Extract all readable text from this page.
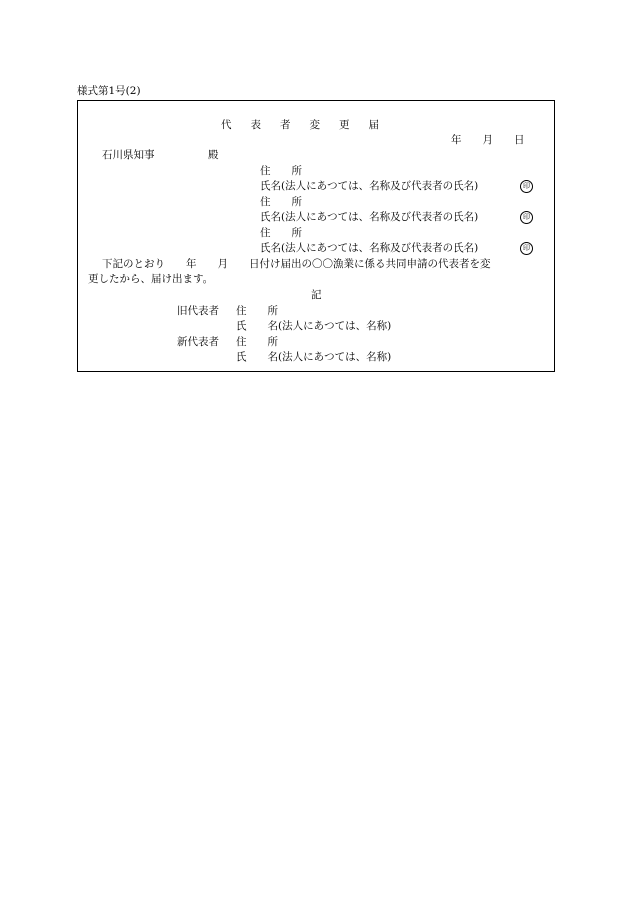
様式第1号(2)
代表者変更届
年　　月　　日
石川県知事	殿
住　　所
氏名(法人にあつては、名称及び代表者の氏名)	印
住　　所
氏名(法人にあつては、名称及び代表者の氏名)	印
住　　所
氏名(法人にあつては、名称及び代表者の氏名)	印
下記のとおり　　年　　月　　日付け届出の〇〇漁業に係る共同申請の代表者を変
更したから、届け出ます。
記
旧代表者 住　　所
氏　　名(法人にあつては、名称)
新代表者 住　　所
氏　　名(法人にあつては、名称)
